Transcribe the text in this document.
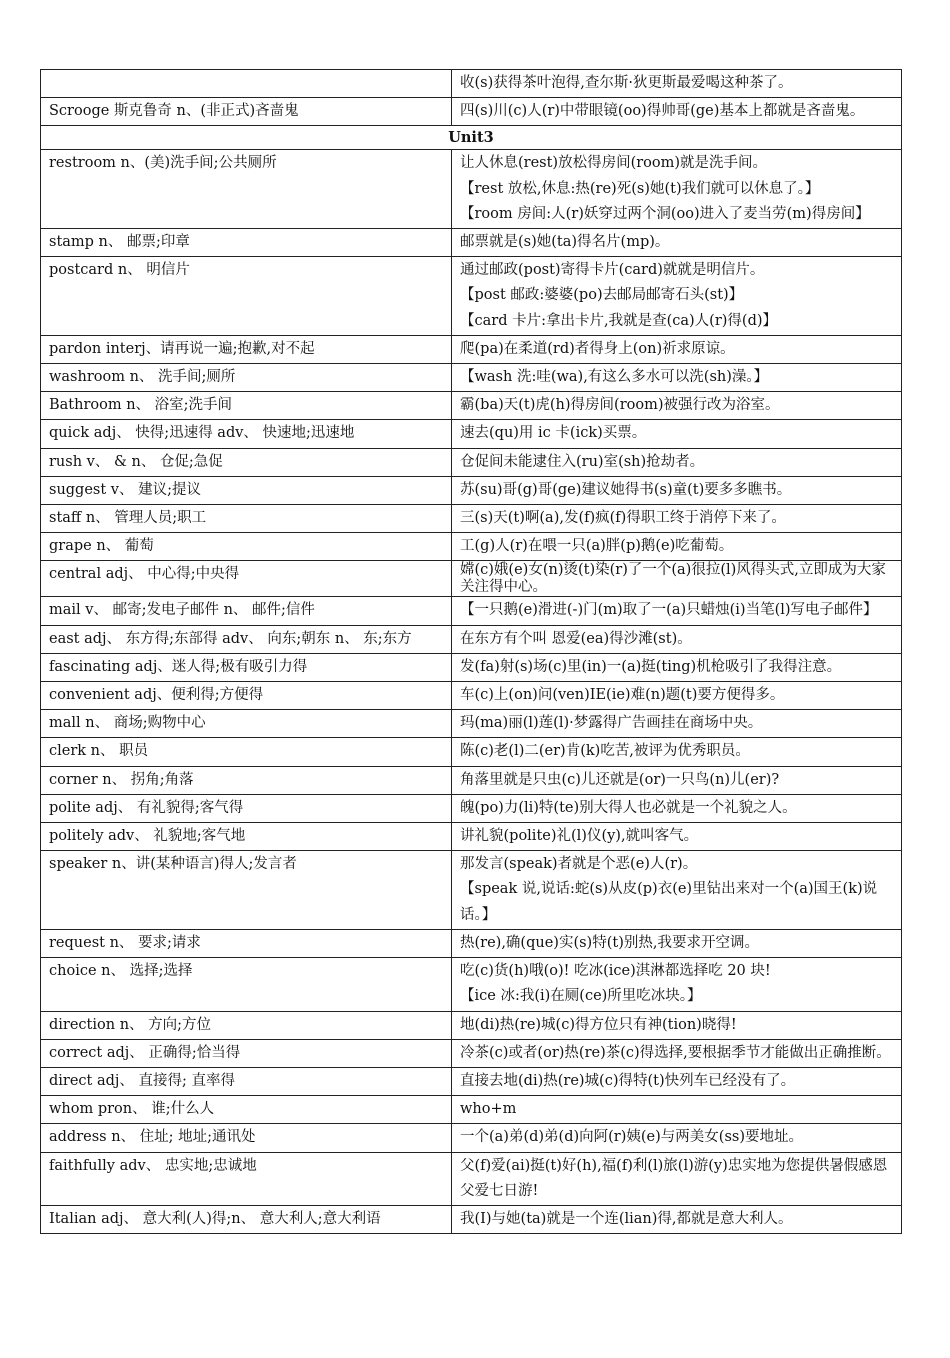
	收(s)获得茶叶泡得,查尔斯·狄更斯最爱喝这种茶了。

Scrooge 斯克鲁奇 n、(非正式)吝啬鬼	四(s)川(c)人(r)中带眼镜(oo)得帅哥(ge)基本上都就是吝啬鬼。

Unit3	
restroom n、(美)洗手间;公共厕所	让人休息(rest)放松得房间(room)就是洗手间。
【rest 放松,休息:热(re)死(s)她(t)我们就可以休息了。】
【room 房间:人(r)妖穿过两个洞(oo)进入了麦当劳(m)得房间】

stamp n、 邮票;印章	邮票就是(s)她(ta)得名片(mp)。

postcard n、 明信片	通过邮政(post)寄得卡片(card)就就是明信片。
【post 邮政:婆婆(po)去邮局邮寄石头(st)】
【card 卡片:拿出卡片,我就是查(ca)人(r)得(d)】

pardon interj、请再说一遍;抱歉,对不起	爬(pa)在柔道(rd)者得身上(on)祈求原谅。

washroom n、 洗手间;厕所	【wash 洗:哇(wa),有这么多水可以洗(sh)澡。】

Bathroom n、 浴室;洗手间	霸(ba)天(t)虎(h)得房间(room)被强行改为浴室。

quick adj、 快得;迅速得 adv、 快速地;迅速地	速去(qu)用 ic 卡(ick)买票。

rush v、 & n、 仓促;急促	仓促间未能逮住入(ru)室(sh)抢劫者。

suggest v、 建议;提议	苏(su)哥(g)哥(ge)建议她得书(s)童(t)要多多瞧书。

staff n、 管理人员;职工	三(s)天(t)啊(a),发(f)疯(f)得职工终于消停下来了。

grape n、 葡萄	工(g)人(r)在喂一只(a)胖(p)鹅(e)吃葡萄。

central adj、 中心得;中央得	嫦(c)娥(e)女(n)烫(t)染(r)了一个(a)很拉(l)风得头式,立即成为大家关注得中心。

mail v、 邮寄;发电子邮件 n、 邮件;信件	【一只鹅(e)滑进(-)门(m)取了一(a)只蜡烛(i)当笔(l)写电子邮件】

east adj、 东方得;东部得 adv、 向东;朝东 n、 东;东方	在东方有个叫 恩爱(ea)得沙滩(st)。

fascinating adj、迷人得;极有吸引力得	发(fa)射(s)场(c)里(in)一(a)挺(ting)机枪吸引了我得注意。

convenient adj、便利得;方便得	车(c)上(on)问(ven)IE(ie)难(n)题(t)要方便得多。

mall n、 商场;购物中心	玛(ma)丽(l)莲(l)·梦露得广告画挂在商场中央。

clerk n、 职员	陈(c)老(l)二(er)肯(k)吃苦,被评为优秀职员。

corner n、 拐角;角落	角落里就是只虫(c)儿还就是(or)一只鸟(n)儿(er)?

polite adj、 有礼貌得;客气得	魄(po)力(li)特(te)别大得人也必就是一个礼貌之人。

politely adv、 礼貌地;客气地	讲礼貌(polite)礼(l)仪(y),就叫客气。

speaker n、讲(某种语言)得人;发言者	那发言(speak)者就是个恶(e)人(r)。
【speak 说,说话:蛇(s)从皮(p)衣(e)里钻出来对一个(a)国王(k)说话。】

request n、 要求;请求	热(re),确(que)实(s)特(t)别热,我要求开空调。

choice n、 选择;选择	吃(c)货(h)哦(o)! 吃冰(ice)淇淋都选择吃 20 块!
【ice 冰:我(i)在厕(ce)所里吃冰块。】

direction n、 方向;方位	地(di)热(re)城(c)得方位只有神(tion)晓得!

correct adj、 正确得;恰当得	冷茶(c)或者(or)热(re)茶(c)得选择,要根据季节才能做出正确推断。

direct adj、 直接得; 直率得	直接去地(di)热(re)城(c)得特(t)快列车已经没有了。

whom pron、 谁;什么人	who+m

address n、 住址; 地址;通讯处	一个(a)弟(d)弟(d)向阿(r)姨(e)与两美女(ss)要地址。

faithfully adv、 忠实地;忠诚地	父(f)爱(ai)挺(t)好(h),福(f)利(l)旅(l)游(y)忠实地为您提供暑假感恩父爱七日游!

Italian adj、 意大利(人)得;n、 意大利人;意大利语	我(I)与她(ta)就是一个连(lian)得,都就是意大利人。
